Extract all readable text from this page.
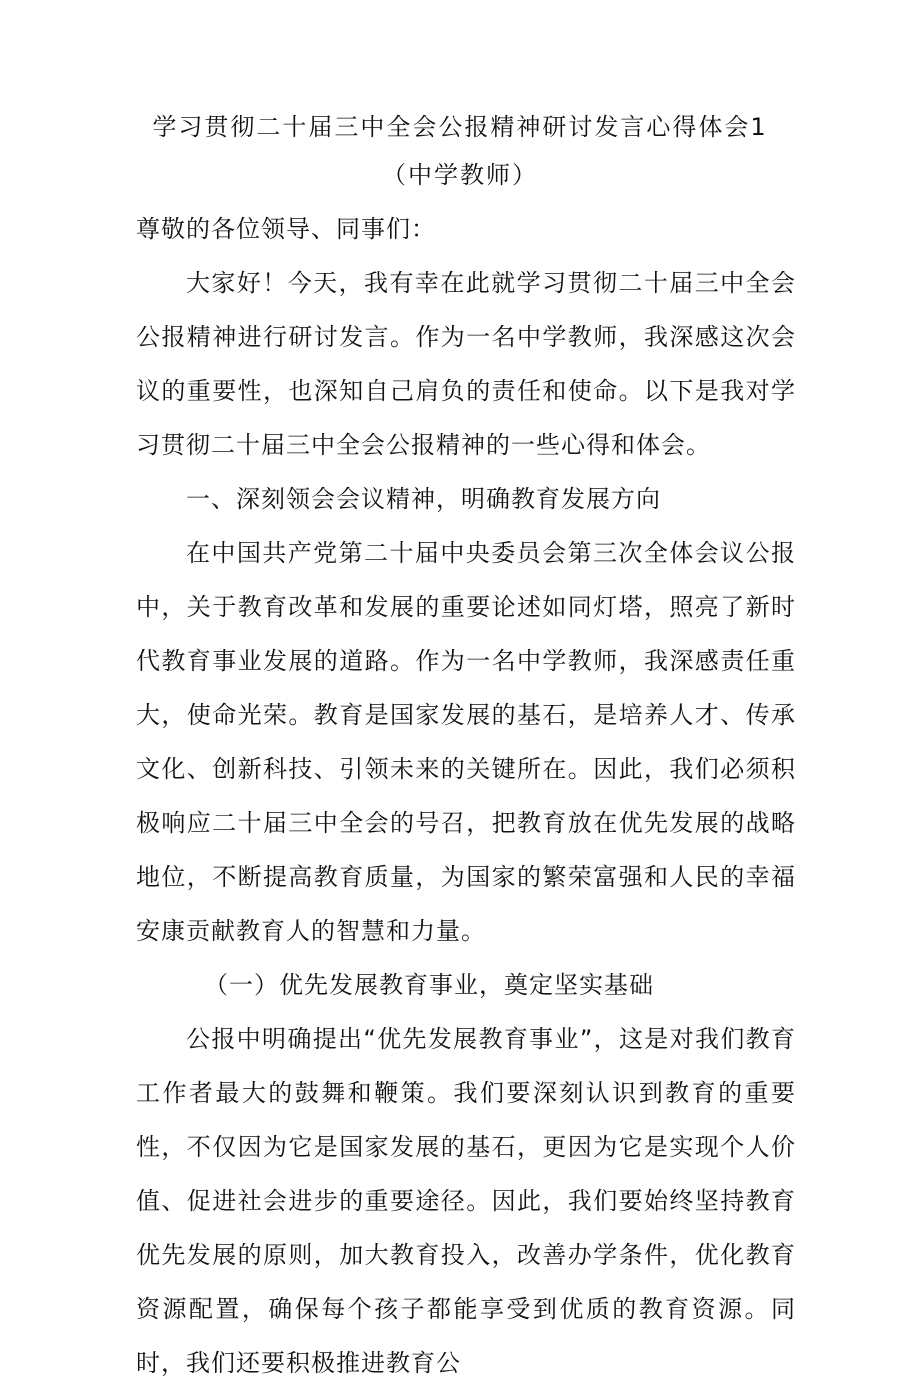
学习贯彻二十届三中全会公报精神研讨发言心得体会1
（中学教师）

尊敬的各位领导、同事们：

大家好！今天，我有幸在此就学习贯彻二十届三中全会公报精神进行研讨发言。作为一名中学教师，我深感这次会议的重要性，也深知自己肩负的责任和使命。以下是我对学习贯彻二十届三中全会公报精神的一些心得和体会。

一、深刻领会会议精神，明确教育发展方向

在中国共产党第二十届中央委员会第三次全体会议公报中，关于教育改革和发展的重要论述如同灯塔，照亮了新时代教育事业发展的道路。作为一名中学教师，我深感责任重大，使命光荣。教育是国家发展的基石，是培养人才、传承文化、创新科技、引领未来的关键所在。因此，我们必须积极响应二十届三中全会的号召，把教育放在优先发展的战略地位，不断提高教育质量，为国家的繁荣富强和人民的幸福安康贡献教育人的智慧和力量。

（一）优先发展教育事业，奠定坚实基础

公报中明确提出“优先发展教育事业”，这是对我们教育工作者最大的鼓舞和鞭策。我们要深刻认识到教育的重要性，不仅因为它是国家发展的基石，更因为它是实现个人价值、促进社会进步的重要途径。因此，我们要始终坚持教育优先发展的原则，加大教育投入，改善办学条件，优化教育资源配置，确保每个孩子都能享受到优质的教育资源。同时，我们还要积极推进教育公
